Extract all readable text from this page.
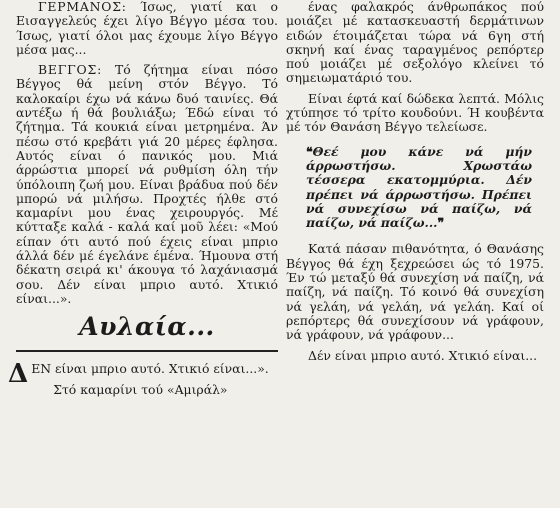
ΓΕΡΜΑΝΟΣ: Ίσως, γιατί και ο Εισαγγελεύς έχει λίγο Βέγγο μέσα του. Ίσως, γιατί όλοι μας έχουμε λίγο Βέγγο μέσα μας...

ΒΕΓΓΟΣ: Τό ζήτημα είναι πόσο Βέγγος θά μείνη στόν Βέγγο. Τό καλοκαίρι έχω νά κάνω δυό ταινίες. Θά αντέξω ή θά βουλιάξω; Έδώ είναι τό ζήτημα. Τά κουκιά είναι μετρημένα. Άν πέσω στό κρεβάτι γιά 20 μέρες έφλησα. Αυτός είναι ό πανικός μου. Μιά άρρώστια μπορεί νά ρυθμίση όλη τήν ύπόλοιπη ζωή μου. Είναι βράδυα πού δέν μπορώ νά μιλήσω. Προχτές ήλθε στό καμαρίνι μου ένας χειρουργός. Μέ κύτταξε καλά - καλά καί μοῦ λέει: «Μού είπαν ότι αυτό πού έχεις είναι μπριο άλλά δέν μέ έγελάνε έμένα. Ήμουνα στή δέκατη σειρά κι' άκουγα τό λαχάνιασμά σου. Δέν είναι μπριο αυτό. Χτικιό είναι...».

Αυλαία...

ΔΕΝ είναι μπριο αυτό. Χτικιό είναι...».

Στό καμαρίνι τού «Αμιράλ»

ένας φαλακρός άνθρωπάκος πού μοιάζει μέ κατασκευαστή δερμάτινων ειδών έτοιμάζεται τώρα νά 6γη στή σκηνή καί ένας ταραγμένος ρεπόρτερ πού μοιάζει μέ σεξολόγο κλείνει τό σημειωματάριό του.

Είναι έφτά καί δώδεκα λεπτά. Μόλις χτύπησε τό τρίτο κουδούνι. Ή κουβέντα μέ τόν Θανάση Βέγγο τελείωσε.

❝Θεέ μου κάνε νά μήν άρρωστήσω. Χρωστάω τέσσερα εκατομμύρια. Δέν πρέπει νά άρρωστήσω. Πρέπει νά συνεχίσω νά παίζω, νά παίζω, νά παίζω...❞

Κατά πάσαν πιθανότητα, ό Θανάσης Βέγγος θά έχη ξεχρεώσει ώς τό 1975. Έν τώ μεταξύ θά συνεχίση νά παίζη, νά παίζη, νά παίζη. Τό κοινό θά συνεχίση νά γελάη, νά γελάη, νά γελάη. Καί οί ρεπόρτερς θά συνεχίσουν νά γράφουν, νά γράφουν, νά γράφουν...

Δέν είναι μπριο αυτό. Χτικιό είναι...
